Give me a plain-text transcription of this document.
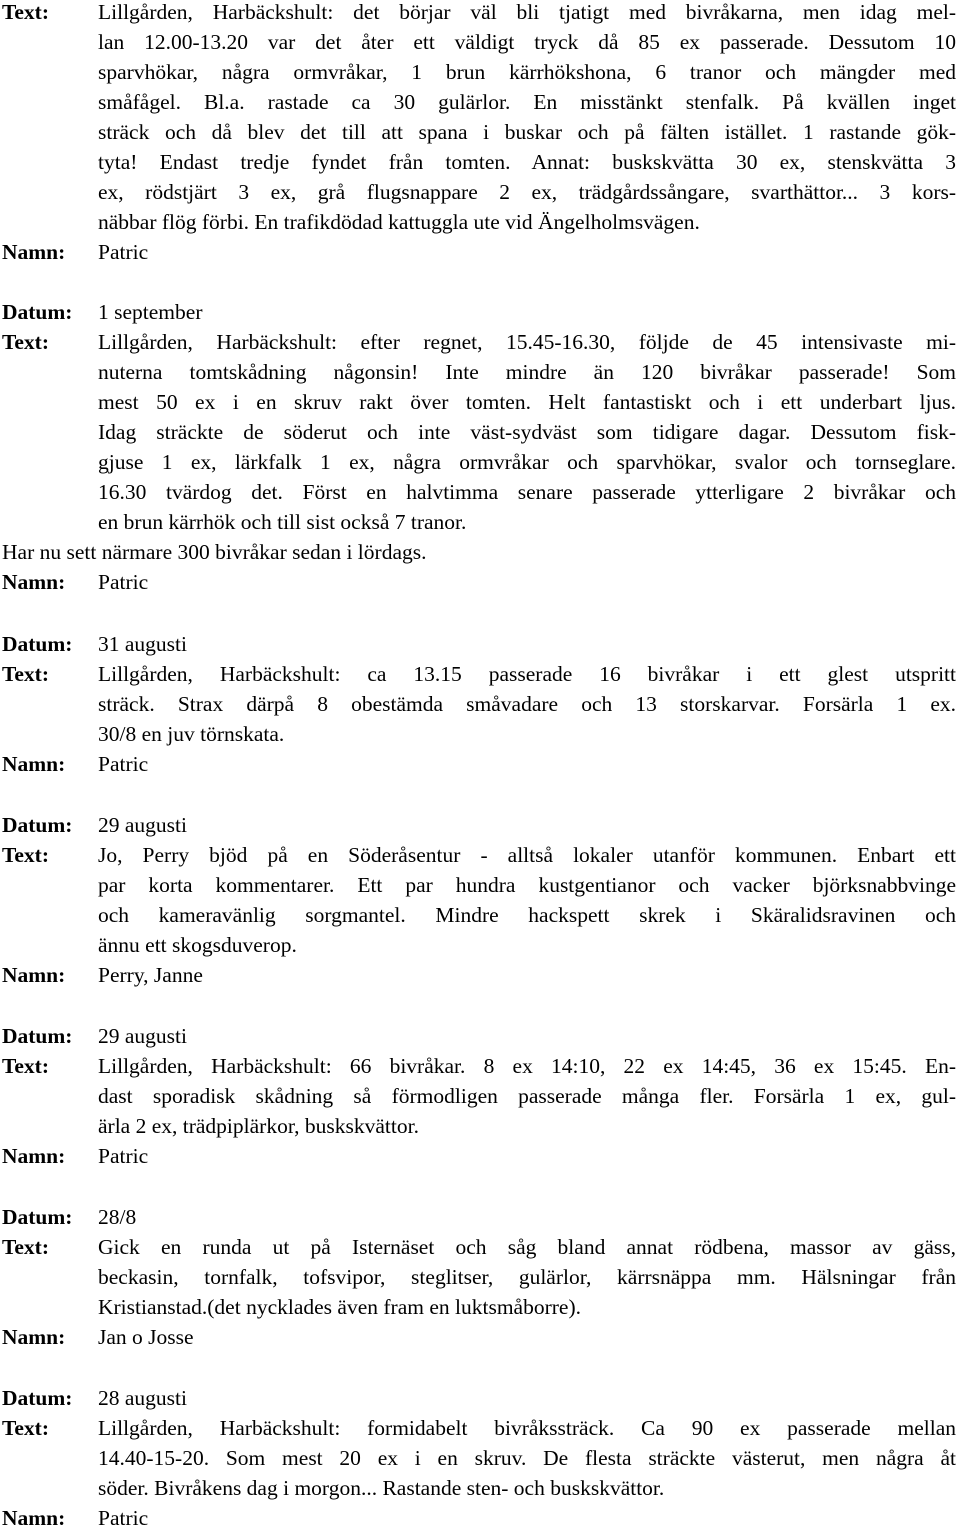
Text: Lillgården, Harbäckshult: det börjar väl bli tjatigt med bivråkarna, men idag mel-
lan 12.00-13.20 var det åter ett väldigt tryck då 85 ex passerade. Dessutom 10
sparvhökar, några ormvråkar, 1 brun kärrhökshona, 6 tranor och mängder med
småfågel. Bl.a. rastade ca 30 gulärlor. En misstänkt stenfalk. På kvällen inget
sträck och då blev det till att spana i buskar och på fälten istället. 1 rastande gök-
tyta! Endast tredje fyndet från tomten. Annat: buskskvätta 30 ex, stenskvätta 3
ex, rödstjärt 3 ex, grå flugsnappare 2 ex, trädgårdssångare, svarthättor... 3 kors-
näbbar flög förbi. En trafikdödad kattuggla ute vid Ängelholmsvägen.
Namn: Patric
Datum: 1 september
Text: Lillgården, Harbäckshult: efter regnet, 15.45-16.30, följde de 45 intensivaste mi-
nuterna tomtskådning någonsin! Inte mindre än 120 bivråkar passerade! Som
mest 50 ex i en skruv rakt över tomten. Helt fantastiskt och i ett underbart ljus.
Idag sträckte de söderut och inte väst-sydväst som tidigare dagar. Dessutom fisk-
gjuse 1 ex, lärkfalk 1 ex, några ormvråkar och sparvhökar, svalor och tornseglare.
16.30 tvärdog det. Först en halvtimma senare passerade ytterligare 2 bivråkar och
en brun kärrhök och till sist också 7 tranor.
Har nu sett närmare 300 bivråkar sedan i lördags.
Namn: Patric
Datum: 31 augusti
Text: Lillgården, Harbäckshult: ca 13.15 passerade 16 bivråkar i ett glest utspritt
sträck. Strax därpå 8 obestämda småvadare och 13 storskarvar. Forsärla 1 ex.
30/8 en juv törnskata.
Namn: Patric
Datum: 29 augusti
Text: Jo, Perry bjöd på en Söderåsentur - alltså lokaler utanför kommunen. Enbart ett
par korta kommentarer. Ett par hundra kustgentianor och vacker björksnabbvinge
och kameravänlig sorgmantel. Mindre hackspett skrek i Skäralidsravinen och
ännu ett skogsduverop.
Namn: Perry, Janne
Datum: 29 augusti
Text: Lillgården, Harbäckshult: 66 bivråkar. 8 ex 14:10, 22 ex 14:45, 36 ex 15:45. En-
dast sporadisk skådning så förmodligen passerade många fler. Forsärla 1 ex, gul-
ärla 2 ex, trädpiplärkor, buskskvättor.
Namn: Patric
Datum: 28/8
Text: Gick en runda ut på Isternäset och såg bland annat rödbena, massor av gäss,
beckasin, tornfalk, tofsvipor, steglitser, gulärlor, kärrsnäppa mm. Hälsningar från
Kristianstad.(det nycklades även fram en luktsmåborre).
Namn: Jan o Josse
Datum: 28 augusti
Text: Lillgården, Harbäckshult: formidabelt bivråkssträck. Ca 90 ex passerade mellan
14.40-15-20. Som mest 20 ex i en skruv. De flesta sträckte västerut, men några åt
söder. Bivråkens dag i morgon... Rastande sten- och buskskvättor.
Namn: Patric
